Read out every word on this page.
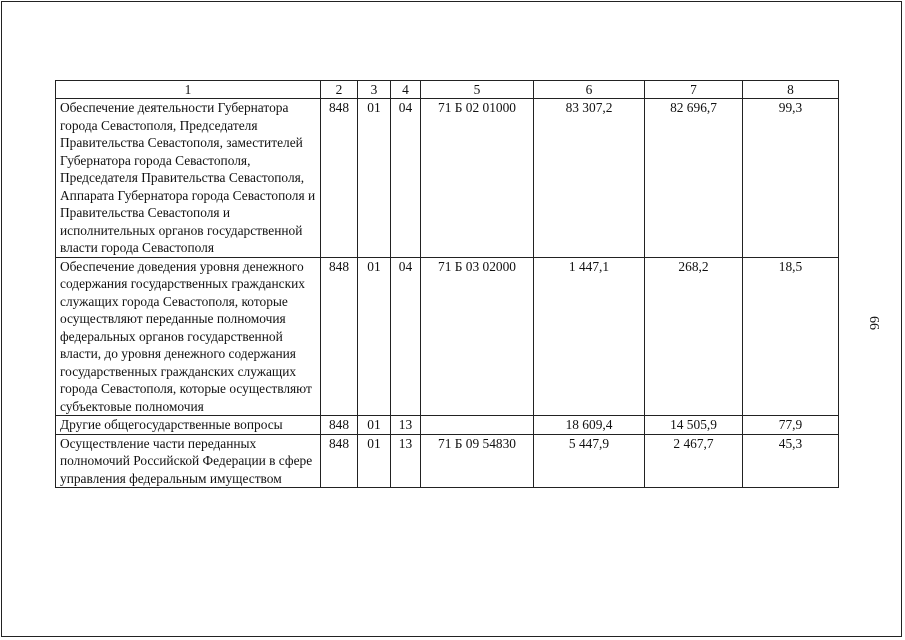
1	2	3	4	5	6	7	8
Обеспечение деятельности Губернатора города Севастополя, Председателя Правительства Севастополя, заместителей Губернатора города Севастополя, Председателя Правительства Севастополя, Аппарата Губернатора города Севастополя и Правительства Севастополя и исполнительных органов государственной власти города Севастополя	848	01	04	71 Б 02 01000	83 307,2	82 696,7	99,3
Обеспечение доведения уровня денежного содержания государственных гражданских служащих города Севастополя, которые осуществляют переданные полномочия федеральных органов государственной власти, до уровня денежного содержания государственных гражданских служащих города Севастополя, которые осуществляют субъектовые полномочия	848	01	04	71 Б 03 02000	1 447,1	268,2	18,5
Другие общегосударственные вопросы	848	01	13		18 609,4	14 505,9	77,9
Осуществление части переданных полномочий Российской Федерации в сфере управления федеральным имуществом	848	01	13	71 Б 09 54830	5 447,9	2 467,7	45,3
66
